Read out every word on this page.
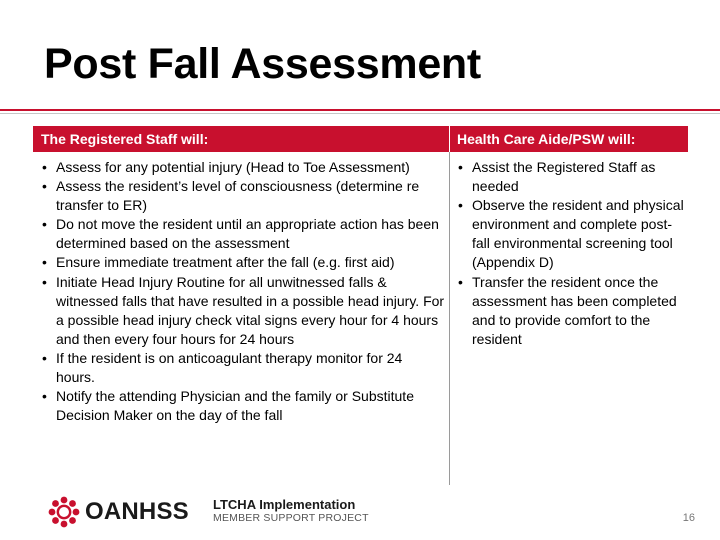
Post Fall Assessment
The Registered Staff will:	Health Care Aide/PSW will:
• Assess for any potential injury (Head to Toe Assessment)
• Assess the resident’s level of consciousness (determine re transfer to ER)
• Do not move the resident until an appropriate action has been determined based on the assessment
• Ensure immediate treatment after the fall (e.g. first aid)
• Initiate Head Injury Routine for all unwitnessed falls & witnessed falls that have resulted in a possible head injury. For a possible head injury check vital signs every hour for 4 hours and then every four hours for 24 hours
• If the resident is on anticoagulant therapy monitor for 24 hours.
• Notify the attending Physician and the family or Substitute Decision Maker on the day of the fall
• Assist the Registered Staff as needed
• Observe the resident and physical environment and complete post-fall environmental screening tool (Appendix D)
• Transfer the resident once the assessment has been completed and to provide comfort to the resident
OANHSS LTCHA Implementation
MEMBER SUPPORT PROJECT	16
